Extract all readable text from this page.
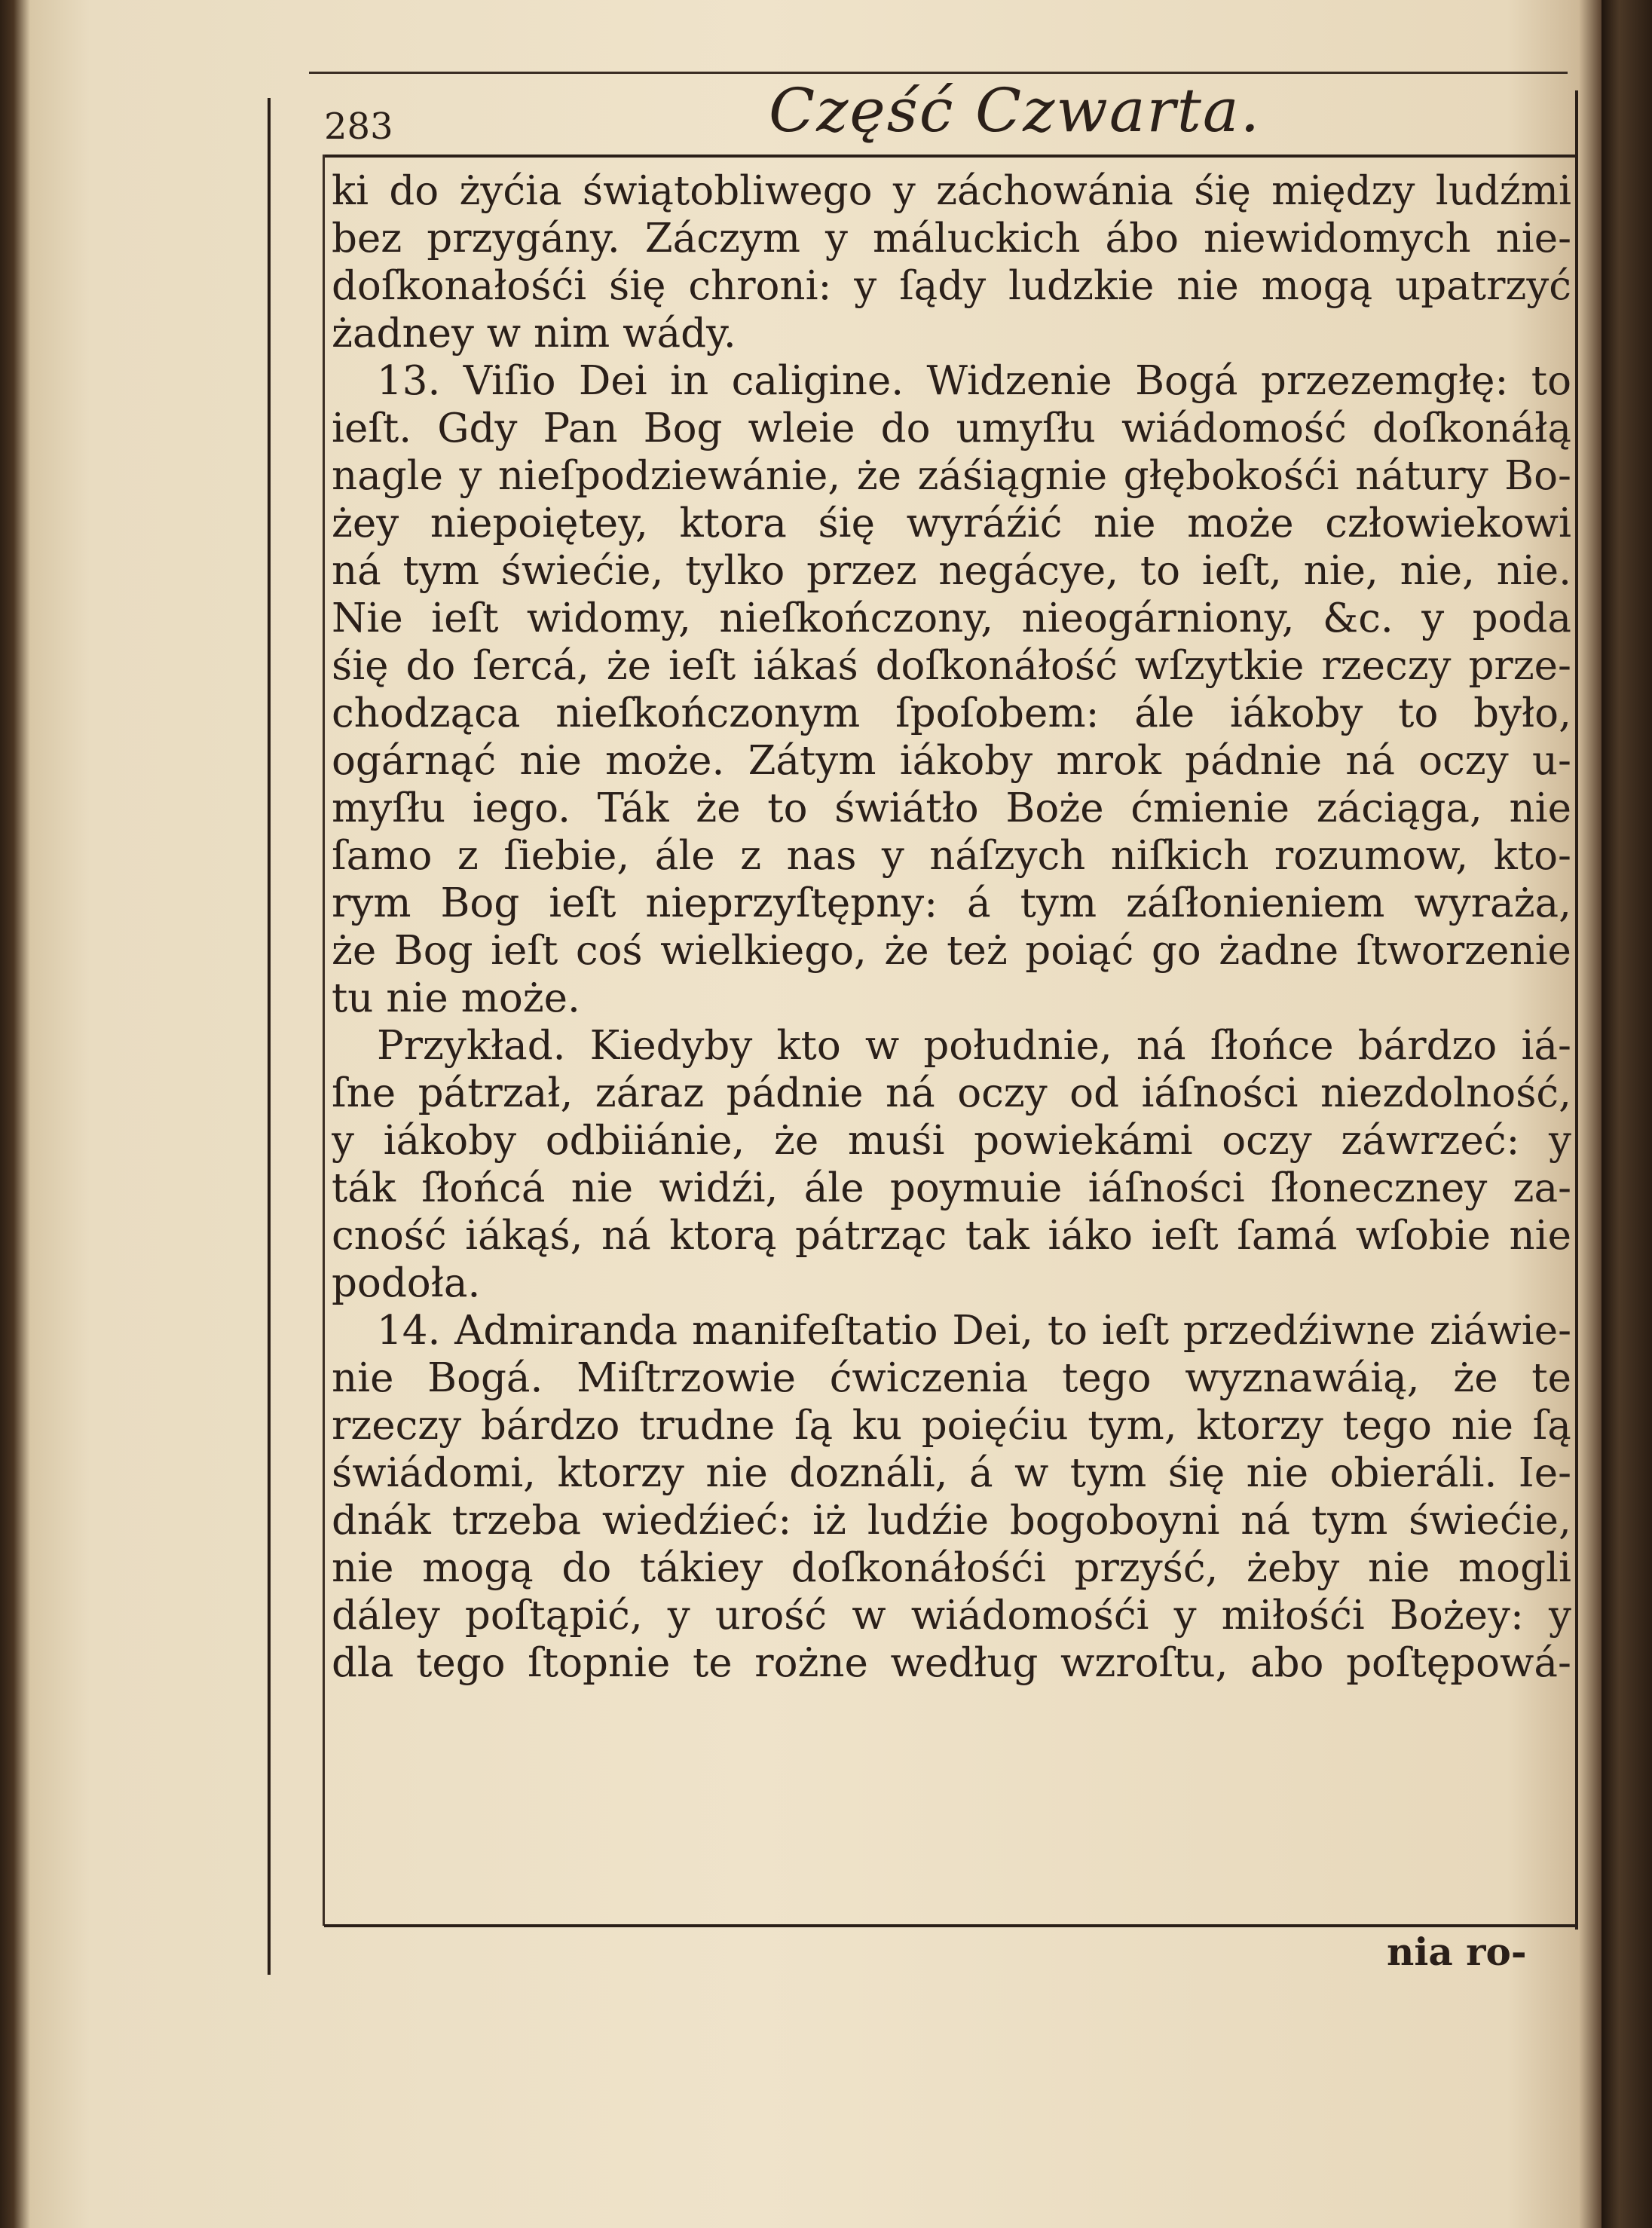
283	Część Czwarta.
ki do żyćia świątobliwego y záchowánia śię między ludźmi
bez przygány. Záczym y máluckich ábo niewidomych nie-
doſkonałośći śię chroni: y ſądy ludzkie nie mogą upatrzyć
żadney w nim wády.
13. Viſio Dei in caligine. Widzenie Bogá przezemgłę: to
ieſt. Gdy Pan Bog wleie do umyſłu wiádomość doſkonáłą
nagle y nieſpodziewánie, że záśiągnie głębokośći nátury Bo-
żey niepoiętey, ktora śię wyráźić nie może człowiekowi
ná tym świećie, tylko przez negácye, to ieſt, nie, nie, nie.
Nie ieſt widomy, nieſkończony, nieogárniony, &c. y poda
śię do ſercá, że ieſt iákaś doſkonáłość wſzytkie rzeczy prze-
chodząca nieſkończonym ſpoſobem: ále iákoby to było,
ogárnąć nie może. Zátym iákoby mrok pádnie ná oczy u-
myſłu iego. Ták że to świátło Boże ćmienie záciąga, nie
ſamo z ſiebie, ále z nas y náſzych niſkich rozumow, kto-
rym Bog ieſt nieprzyſtępny: á tym záſłonieniem wyraża,
że Bog ieſt coś wielkiego, że też poiąć go żadne ſtworzenie
tu nie może.
Przykład. Kiedyby kto w południe, ná ſłońce bárdzo iá-
ſne pátrzał, záraz pádnie ná oczy od iáſności niezdolność,
y iákoby odbiiánie, że muśi powiekámi oczy záwrzeć: y
ták ſłońcá nie widźi, ále poymuie iáſności ſłoneczney za-
cność iákąś, ná ktorą pátrząc tak iáko ieſt ſamá wſobie nie
podoła.
14. Admiranda manifeſtatio Dei, to ieſt przedźiwne ziáwie-
nie Bogá. Miſtrzowie ćwiczenia tego wyznawáią, że te
rzeczy bárdzo trudne ſą ku poięćiu tym, ktorzy tego nie ſą
świádomi, ktorzy nie doználi, á w tym śię nie obieráli. Ie-
dnák trzeba wiedźieć: iż ludźie bogoboyni ná tym świećie,
nie mogą do tákiey doſkonáłośći przyść, żeby nie mogli
dáley poſtąpić, y urość w wiádomośći y miłośći Bożey: y
dla tego ſtopnie te rożne według wzroſtu, abo poſtępowá-
nia ro-
